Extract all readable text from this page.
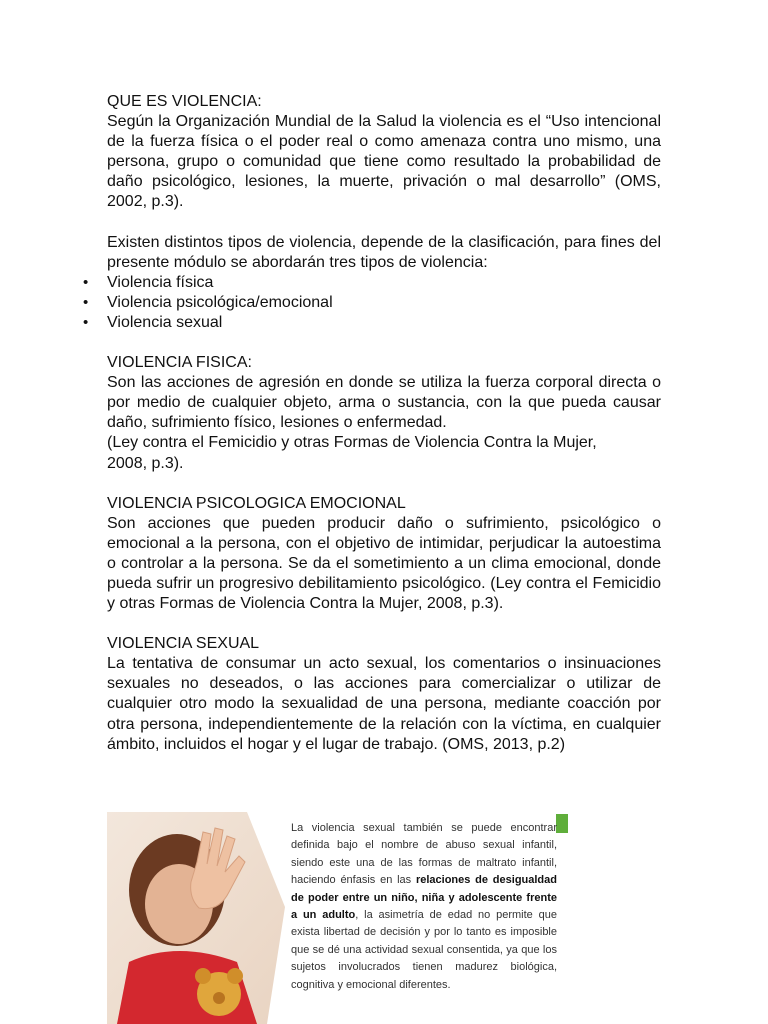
QUE ES VIOLENCIA:

Según la Organización Mundial de la Salud la violencia es el “Uso intencional de la fuerza física o el poder real o como amenaza contra uno mismo, una persona, grupo o comunidad que tiene como resultado la probabilidad de daño psicológico, lesiones, la muerte, privación o mal desarrollo” (OMS, 2002, p.3).

Existen distintos tipos de violencia, depende de la clasificación, para fines del presente módulo se abordarán tres tipos de violencia:

• Violencia física
• Violencia psicológica/emocional
• Violencia sexual

VIOLENCIA FISICA:

Son las acciones de agresión en donde se utiliza la fuerza corporal directa o por medio de cualquier objeto, arma o sustancia, con la que pueda causar daño, sufrimiento físico, lesiones o enfermedad.

(Ley contra el Femicidio y otras Formas de Violencia Contra la Mujer,
2008, p.3).

VIOLENCIA PSICOLOGICA EMOCIONAL

Son acciones que pueden producir daño o sufrimiento, psicológico o emocional a la persona, con el objetivo de intimidar, perjudicar la autoestima o controlar a la persona. Se da el sometimiento a un clima emocional, donde pueda sufrir un progresivo debilitamiento psicológico. (Ley contra el Femicidio y otras Formas de Violencia Contra la Mujer, 2008, p.3).

VIOLENCIA SEXUAL

La tentativa de consumar un acto sexual, los comentarios o insinuaciones sexuales no deseados, o las acciones para comercializar o utilizar de cualquier otro modo la sexualidad de una persona, mediante coacción por otra persona, independientemente de la relación con la víctima, en cualquier ámbito, incluidos el hogar y el lugar de trabajo. (OMS, 2013, p.2)

La violencia sexual también se puede encontrar definida bajo el nombre de abuso sexual infantil, siendo este una de las formas de maltrato infantil, haciendo énfasis en las relaciones de desigualdad de poder entre un niño, niña y adolescente frente a un adulto, la asimetría de edad no permite que exista libertad de decisión y por lo tanto es imposible que se dé una actividad sexual consentida, ya que los sujetos involucrados tienen madurez biológica, cognitiva y emocional diferentes.
